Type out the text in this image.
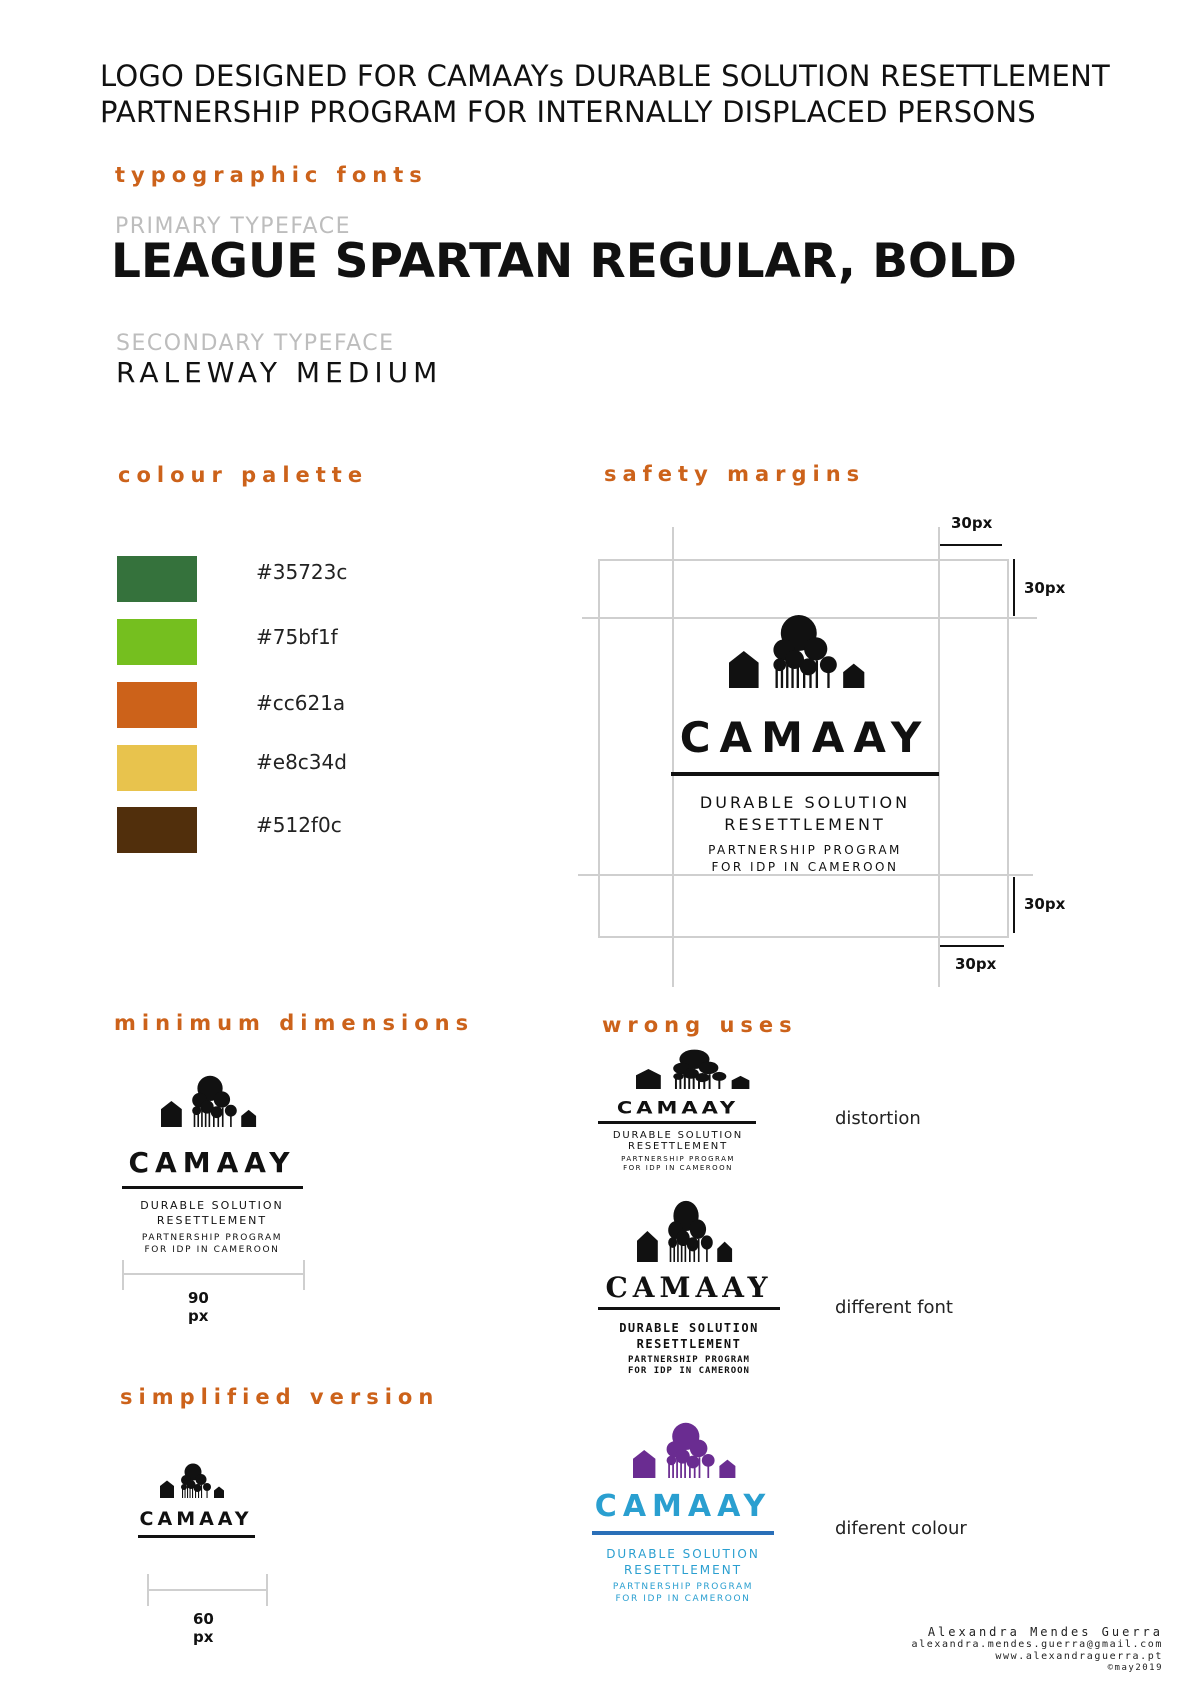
LOGO DESIGNED FOR CAMAAYs DURABLE SOLUTION RESETTLEMENT
PARTNERSHIP PROGRAM FOR INTERNALLY DISPLACED PERSONS
typographic fonts
PRIMARY TYPEFACE
LEAGUE SPARTAN REGULAR, BOLD
SECONDARY TYPEFACE
RALEWAY MEDIUM
colour palette
#35723c
#75bf1f
#cc621a
#e8c34d
#512f0c
safety margins
30px
30px
30px
30px
CAMAAY
DURABLE SOLUTION
RESETTLEMENT
PARTNERSHIP PROGRAM
FOR IDP IN CAMEROON
minimum dimensions
CAMAAY
DURABLE SOLUTION
RESETTLEMENT
PARTNERSHIP PROGRAM
FOR IDP IN CAMEROON
90 px
simplified version
CAMAAY
60 px
wrong uses
CAMAAY
DURABLE SOLUTION
RESETTLEMENT
PARTNERSHIP PROGRAM
FOR IDP IN CAMEROON
distortion
CAMAAY
DURABLE SOLUTION
RESETTLEMENT
PARTNERSHIP PROGRAM
FOR IDP IN CAMEROON
different font
CAMAAY
DURABLE SOLUTION
RESETTLEMENT
PARTNERSHIP PROGRAM
FOR IDP IN CAMEROON
diferent colour
Alexandra Mendes Guerra
alexandra.mendes.guerra@gmail.com
www.alexandraguerra.pt
©may2019
